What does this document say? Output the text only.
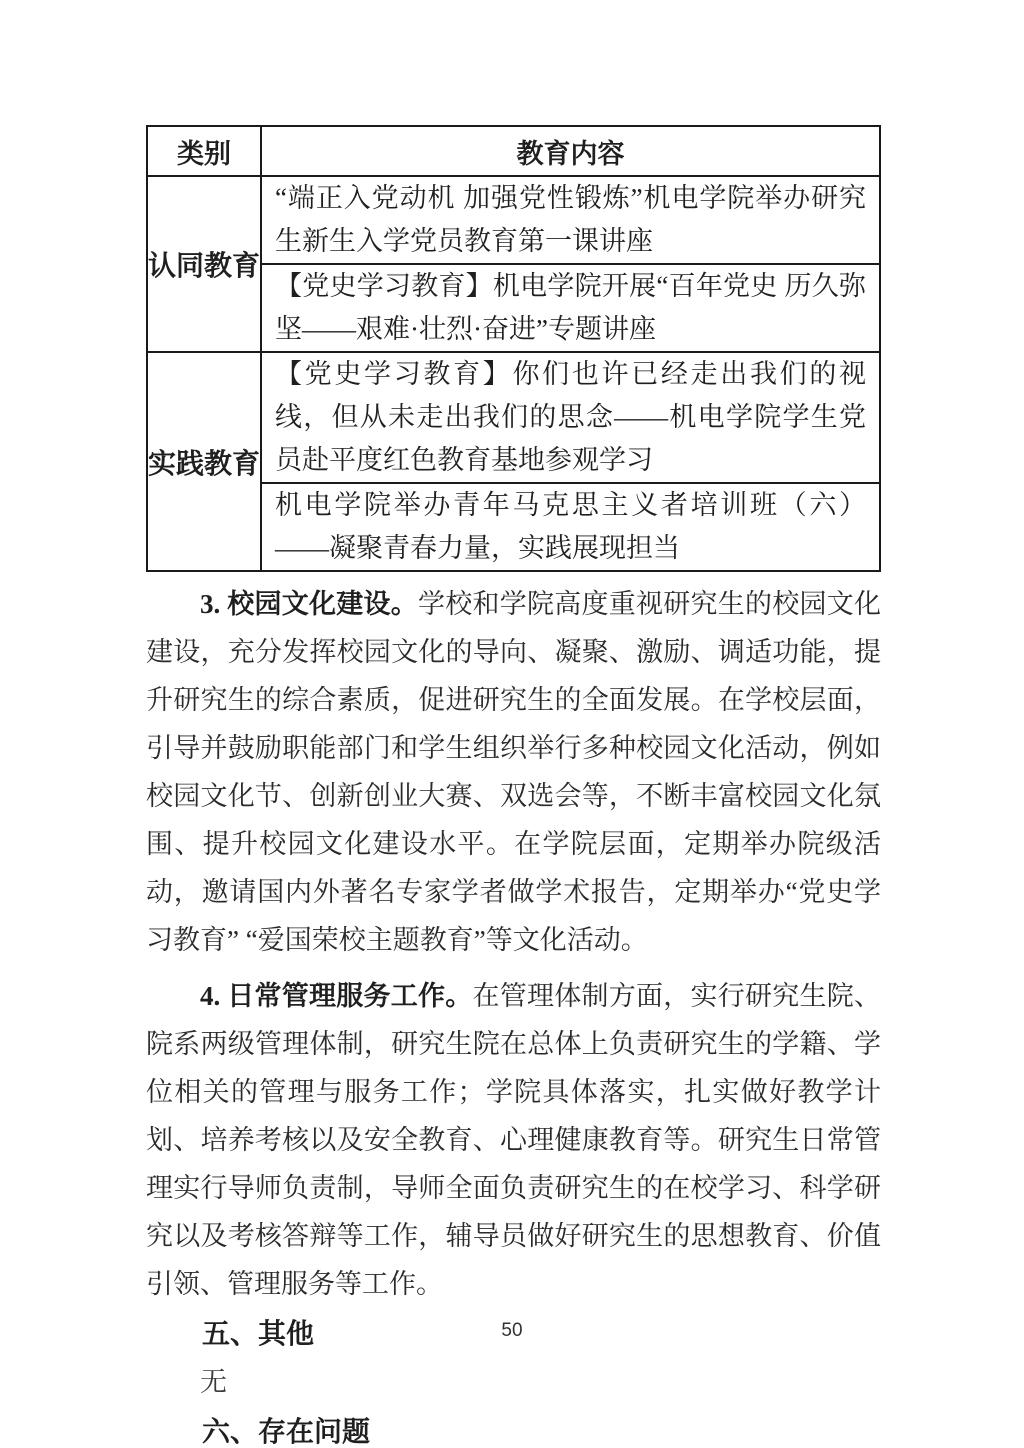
类别	教育内容
认同教育	“端正入党动机 加强党性锻炼”机电学院举办研究生新生入学党员教育第一课讲座
	【党史学习教育】机电学院开展“百年党史 历久弥坚——艰难·壮烈·奋进”专题讲座
实践教育	【党史学习教育】你们也许已经走出我们的视线，但从未走出我们的思念——机电学院学生党员赴平度红色教育基地参观学习
	机电学院举办青年马克思主义者培训班（六）——凝聚青春力量，实践展现担当

3. 校园文化建设。学校和学院高度重视研究生的校园文化建设，充分发挥校园文化的导向、凝聚、激励、调适功能，提升研究生的综合素质，促进研究生的全面发展。在学校层面，引导并鼓励职能部门和学生组织举行多种校园文化活动，例如校园文化节、创新创业大赛、双选会等，不断丰富校园文化氛围、提升校园文化建设水平。在学院层面，定期举办院级活动，邀请国内外著名专家学者做学术报告，定期举办“党史学习教育” “爱国荣校主题教育”等文化活动。

4. 日常管理服务工作。在管理体制方面，实行研究生院、院系两级管理体制，研究生院在总体上负责研究生的学籍、学位相关的管理与服务工作；学院具体落实，扎实做好教学计划、培养考核以及安全教育、心理健康教育等。研究生日常管理实行导师负责制，导师全面负责研究生的在校学习、科学研究以及考核答辩等工作，辅导员做好研究生的思想教育、价值引领、管理服务等工作。

五、其他

无

六、存在问题
50
